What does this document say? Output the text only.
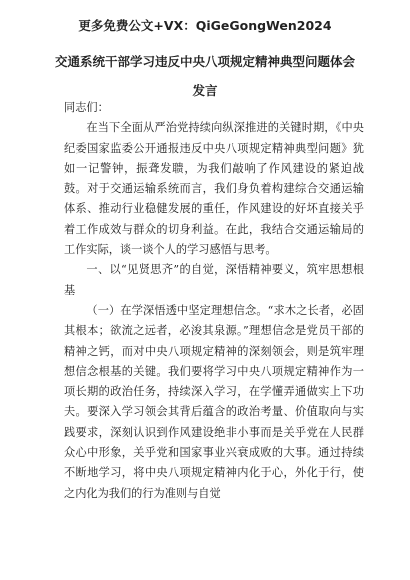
更多免费公文+VX：QiGeGongWen2024
交通系统干部学习违反中央八项规定精神典型问题体会发言

同志们：

在当下全面从严治党持续向纵深推进的关键时期，《中央纪委国家监委公开通报违反中央八项规定精神典型问题》犹如一记警钟，振聋发聩，为我们敲响了作风建设的紧迫战鼓。对于交通运输系统而言，我们身负着构建综合交通运输体系、推动行业稳健发展的重任，作风建设的好坏直接关乎着工作成效与群众的切身利益。在此，我结合交通运输局的工作实际，谈一谈个人的学习感悟与思考。

一、以“见贤思齐”的自觉，深悟精神要义，筑牢思想根基

（一）在学深悟透中坚定理想信念。“求木之长者，必固其根本；欲流之远者，必浚其泉源。”理想信念是党员干部的精神之钙，而对中央八项规定精神的深刻领会，则是筑牢理想信念根基的关键。我们要将学习中央八项规定精神作为一项长期的政治任务，持续深入学习，在学懂弄通做实上下功夫。要深入学习领会其背后蕴含的政治考量、价值取向与实践要求，深刻认识到作风建设绝非小事而是关乎党在人民群众心中形象，关乎党和国家事业兴衰成败的大事。通过持续不断地学习，将中央八项规定精神内化于心，外化于行，使之内化为我们的行为准则与自觉
